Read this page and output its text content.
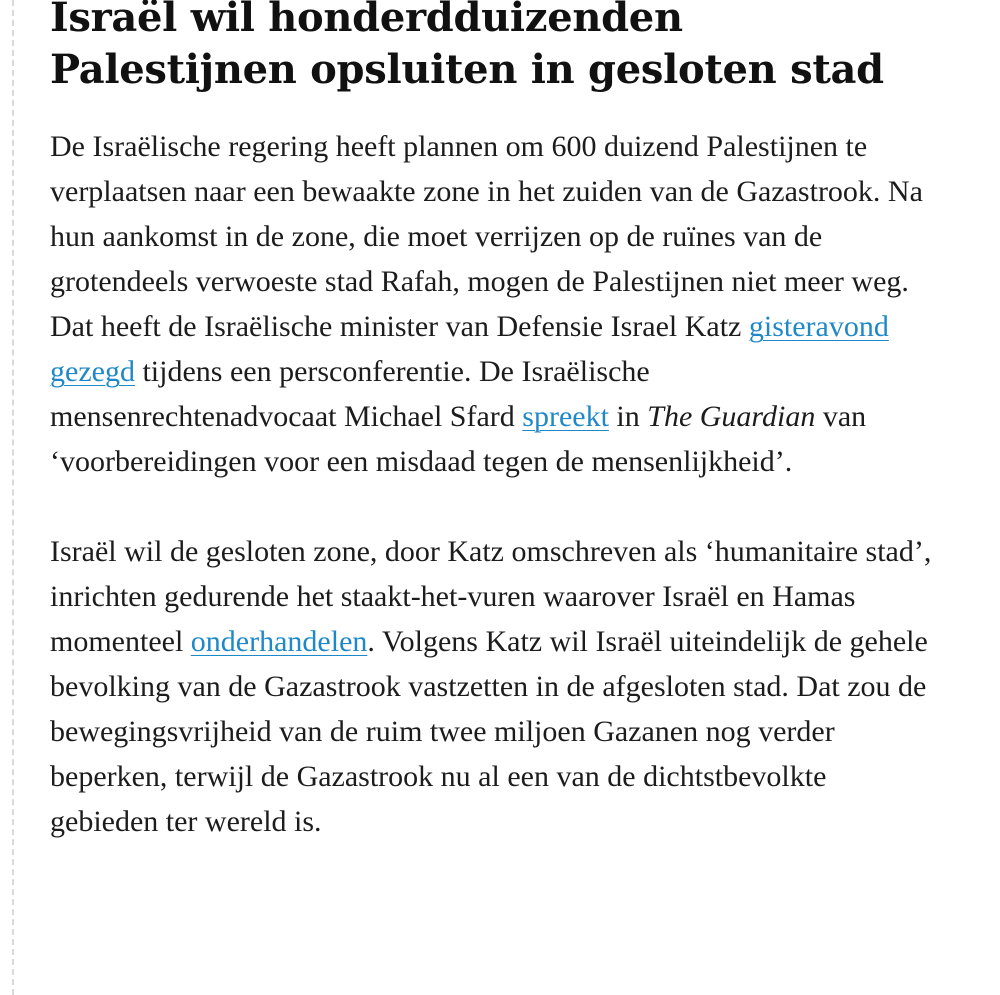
Israël wil honderdduizenden
Palestijnen opsluiten in gesloten stad

De Israëlische regering heeft plannen om 600 duizend Palestijnen te verplaatsen naar een bewaakte zone in het zuiden van de Gazastrook. Na hun aankomst in de zone, die moet verrijzen op de ruïnes van de grotendeels verwoeste stad Rafah, mogen de Palestijnen niet meer weg. Dat heeft de Israëlische minister van Defensie Israel Katz gisteravond gezegd tijdens een persconferentie. De Israëlische mensenrechtenadvocaat Michael Sfard spreekt in The Guardian van ‘voorbereidingen voor een misdaad tegen de mensenlijkheid’.

Israël wil de gesloten zone, door Katz omschreven als ‘humanitaire stad’, inrichten gedurende het staakt-het-vuren waarover Israël en Hamas momenteel onderhandelen. Volgens Katz wil Israël uiteindelijk de gehele bevolking van de Gazastrook vastzetten in de afgesloten stad. Dat zou de bewegingsvrijheid van de ruim twee miljoen Gazanen nog verder beperken, terwijl de Gazastrook nu al een van de dichtstbevolkte gebieden ter wereld is.
